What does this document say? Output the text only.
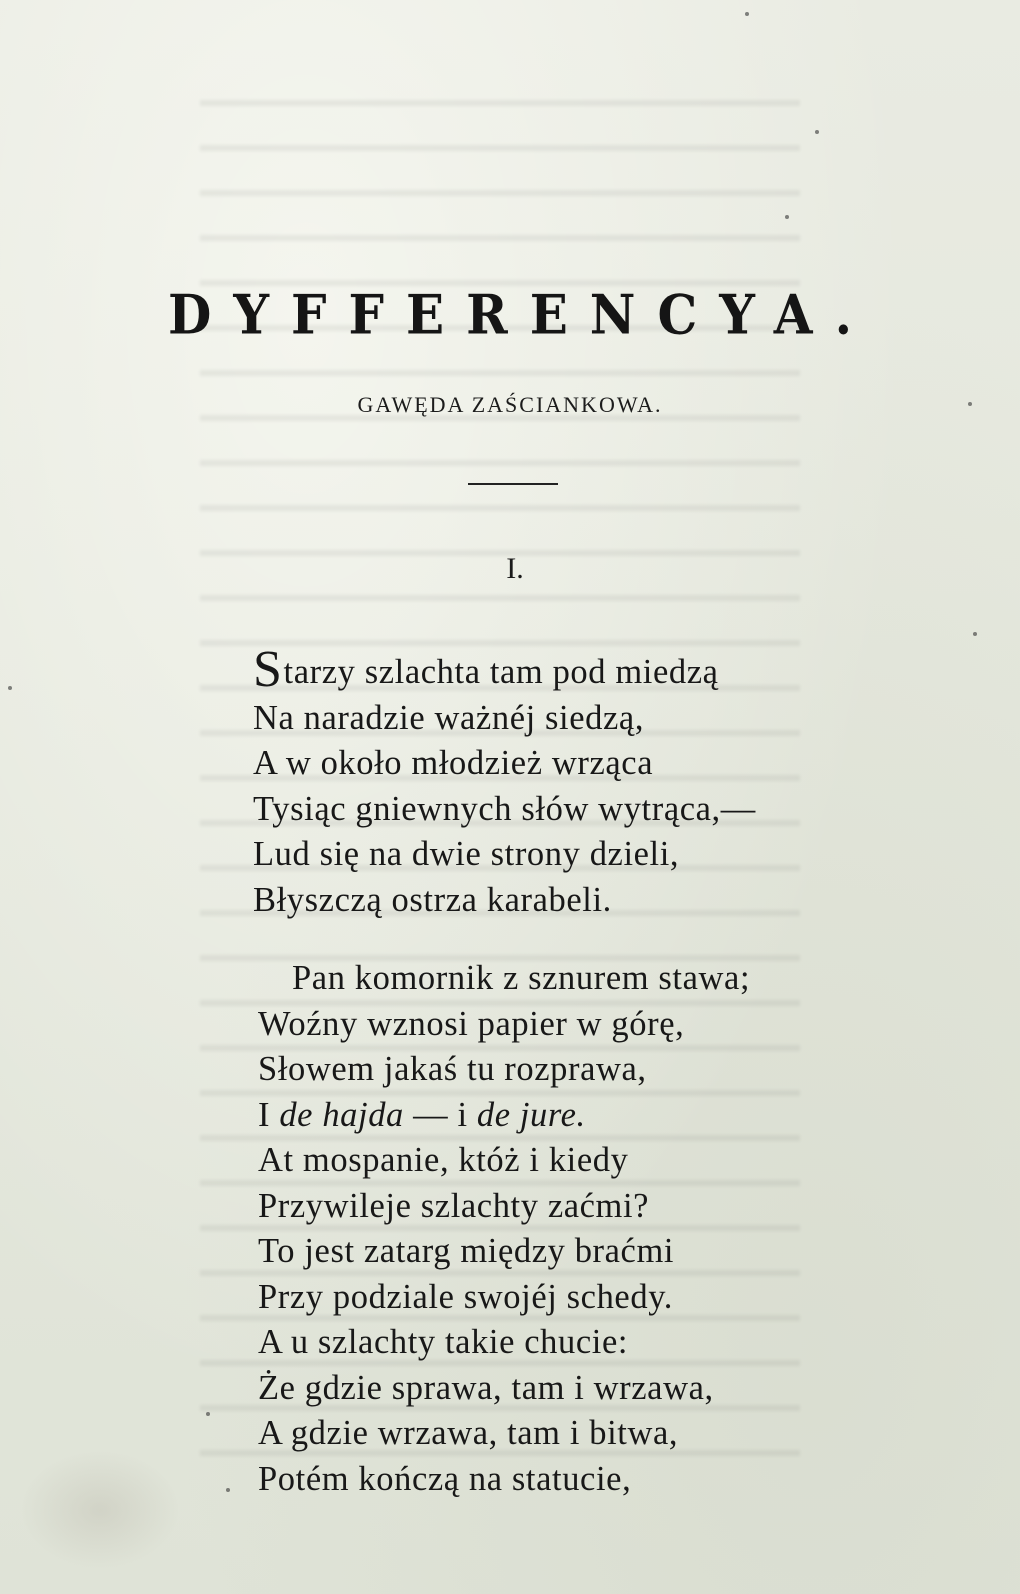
DYFFERENCYA.
GAWĘDA ZAŚCIANKOWA.
I.
Starzy szlachta tam pod miedzą
Na naradzie ważnéj siedzą,
A w około młodzież wrząca
Tysiąc gniewnych słów wytrąca,—
Lud się na dwie strony dzieli,
Błyszczą ostrza karabeli.
Pan komornik z sznurem stawa;
Woźny wznosi papier w górę,
Słowem jakaś tu rozprawa,
I de hajda — i de jure.
At mospanie, któż i kiedy
Przywileje szlachty zaćmi?
To jest zatarg między braćmi
Przy podziale swojéj schedy.
A u szlachty takie chucie:
Że gdzie sprawa, tam i wrzawa,
A gdzie wrzawa, tam i bitwa,
Potém kończą na statucie,
